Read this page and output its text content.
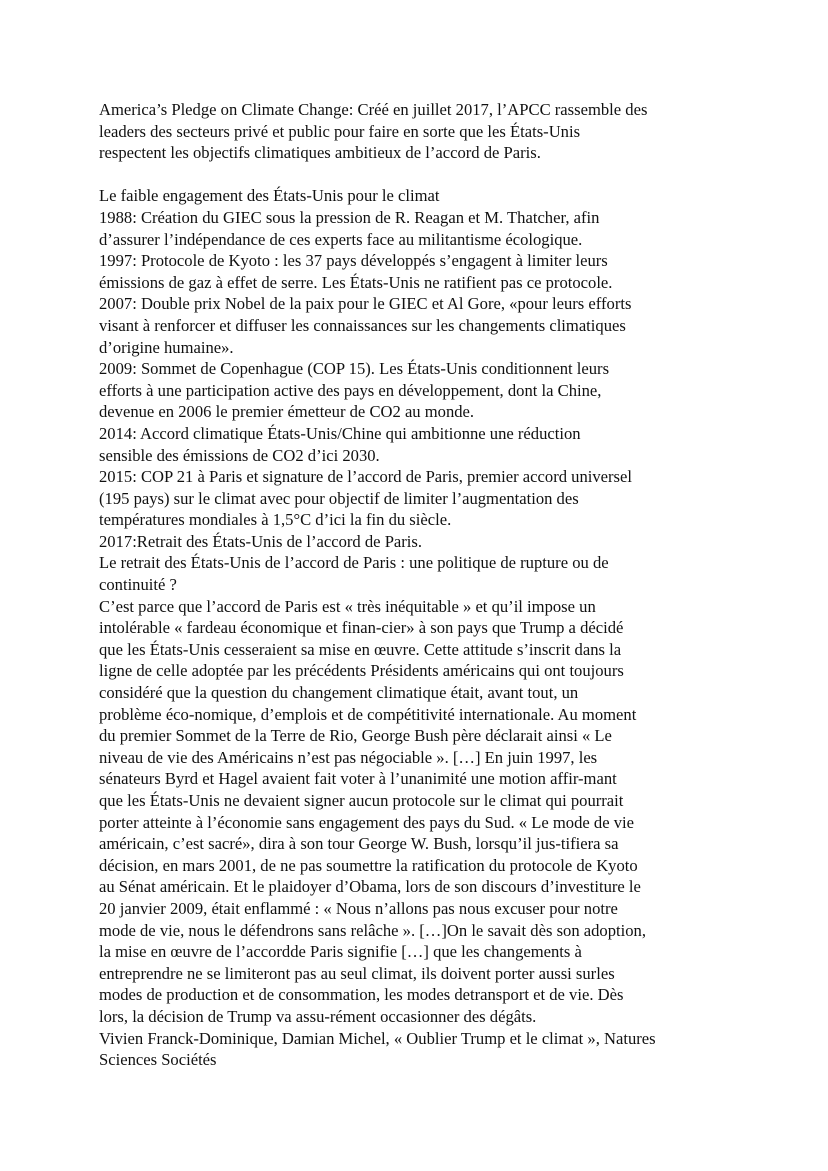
America’s Pledge on Climate Change: Créé en juillet 2017, l’APCC rassemble des
leaders des secteurs privé et public pour faire en sorte que les États-Unis
respectent les objectifs climatiques ambitieux de l’accord de Paris.
Le faible engagement des États-Unis pour le climat
1988: Création du GIEC sous la pression de R. Reagan et M. Thatcher, afin
d’assurer l’indépendance de ces experts face au militantisme écologique.
1997: Protocole de Kyoto : les 37 pays développés s’engagent à limiter leurs
émissions de gaz à effet de serre. Les États-Unis ne ratifient pas ce protocole.
2007: Double prix Nobel de la paix pour le GIEC et Al Gore, «pour leurs efforts
visant à renforcer et diffuser les connaissances sur les changements climatiques
d’origine humaine».
2009: Sommet de Copenhague (COP 15). Les États-Unis conditionnent leurs
efforts à une participation active des pays en développement, dont la Chine,
devenue en 2006 le premier émetteur de CO2 au monde.
2014: Accord climatique États-Unis/Chine qui ambitionne une réduction
sensible des émissions de CO2 d’ici 2030.
2015: COP 21 à Paris et signature de l’accord de Paris, premier accord universel
(195 pays) sur le climat avec pour objectif de limiter l’augmentation des
températures mondiales à 1,5°C d’ici la fin du siècle.
2017:Retrait des États-Unis de l’accord de Paris.
Le retrait des États-Unis de l’accord de Paris : une politique de rupture ou de
continuité ?
C’est parce que l’accord de Paris est « très inéquitable » et qu’il impose un
intolérable « fardeau économique et finan-cier» à son pays que Trump a décidé
que les États-Unis cesseraient sa mise en œuvre. Cette attitude s’inscrit dans la
ligne de celle adoptée par les précédents Présidents américains qui ont toujours
considéré que la question du changement climatique était, avant tout, un
problème éco-nomique, d’emplois et de compétitivité internationale. Au moment
du premier Sommet de la Terre de Rio, George Bush père déclarait ainsi « Le
niveau de vie des Américains n’est pas négociable ». […] En juin 1997, les
sénateurs Byrd et Hagel avaient fait voter à l’unanimité une motion affir-mant
que les États-Unis ne devaient signer aucun protocole sur le climat qui pourrait
porter atteinte à l’économie sans engagement des pays du Sud. « Le mode de vie
américain, c’est sacré», dira à son tour George W. Bush, lorsqu’il jus-tifiera sa
décision, en mars 2001, de ne pas soumettre la ratification du protocole de Kyoto
au Sénat américain. Et le plaidoyer d’Obama, lors de son discours d’investiture le
20 janvier 2009, était enflammé : « Nous n’allons pas nous excuser pour notre
mode de vie, nous le défendrons sans relâche ». […]On le savait dès son adoption,
la mise en œuvre de l’accordde Paris signifie […] que les changements à
entreprendre ne se limiteront pas au seul climat, ils doivent porter aussi surles
modes de production et de consommation, les modes detransport et de vie. Dès
lors, la décision de Trump va assu-rément occasionner des dégâts.
Vivien Franck-Dominique, Damian Michel, « Oublier Trump et le climat », Natures
Sciences Sociétés
